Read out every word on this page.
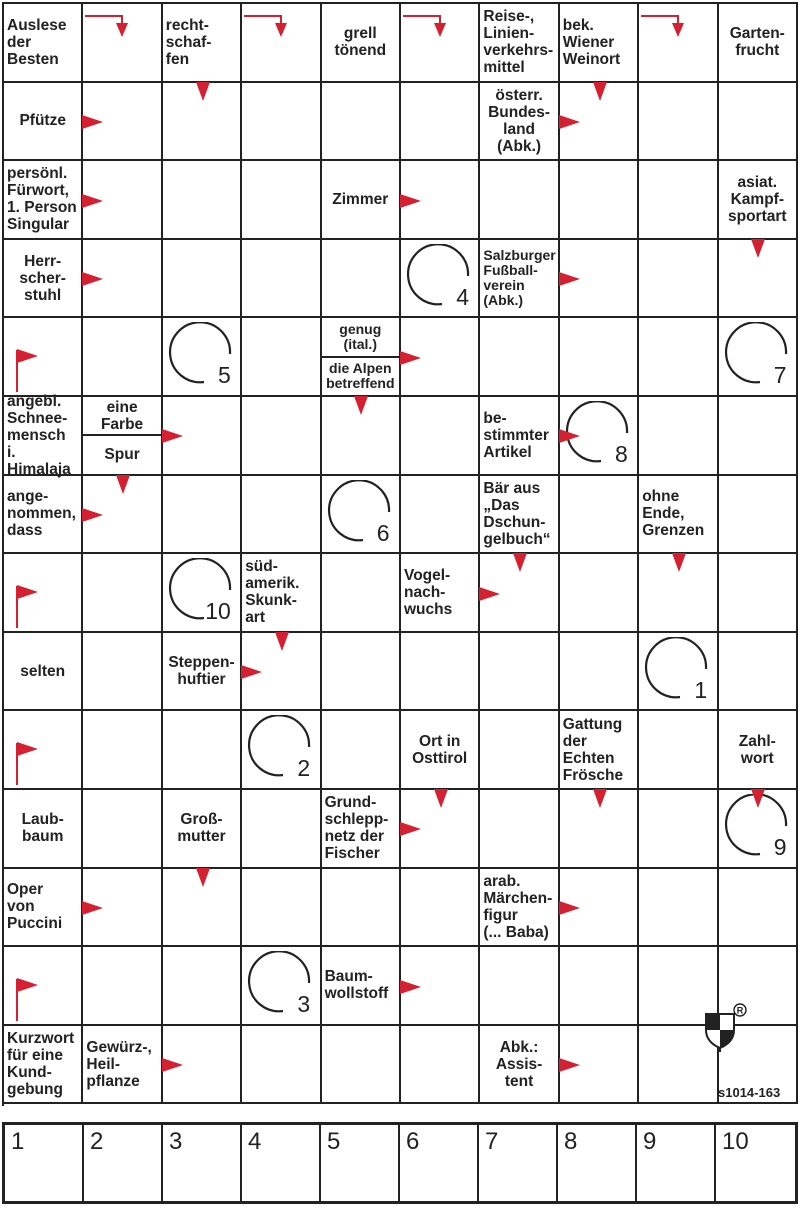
Auslese
der
Besten
recht-
schaf-
fen
grell
tönend
Reise-,
Linien-
verkehrs-
mittel
bek.
Wiener
Weinort
Garten-
frucht
Pfütze
österr.
Bundes-
land
(Abk.)
persönl.
Fürwort,
1. Person
Singular
Zimmer
asiat.
Kampf-
sportart
Herr-
scher-
stuhl
Salzburger
Fußball-
verein
(Abk.)
genug
(ital.)
die Alpen
betreffend
angebl.
Schnee-
mensch i.
Himalaja
eine
Farbe
Spur
be-
stimmter
Artikel
ange-
nommen,
dass
Bär aus
„Das
Dschun-
gelbuch“
ohne
Ende,
Grenzen
süd-
amerik.
Skunk-
art
Vogel-
nach-
wuchs
selten	Steppen-
huftier
Ort in
Osttirol
Gattung
der
Echten
Frösche
Zahl-
wort
Laub-
baum
Groß-
mutter
Grund-
schlepp-
netz der
Fischer
Oper
von
Puccini
arab.
Märchen-
figur
(... Baba)
Baum-
wollstoff
Kurzwort
für eine
Kund-
gebung
Gewürz-,
Heil-
pflanze
Abk.:
Assis-
tent
1
2
3
4
5
6
7
8
9
10
R
s1014-163
1	2	3	4	5	6	7	8	9	10
